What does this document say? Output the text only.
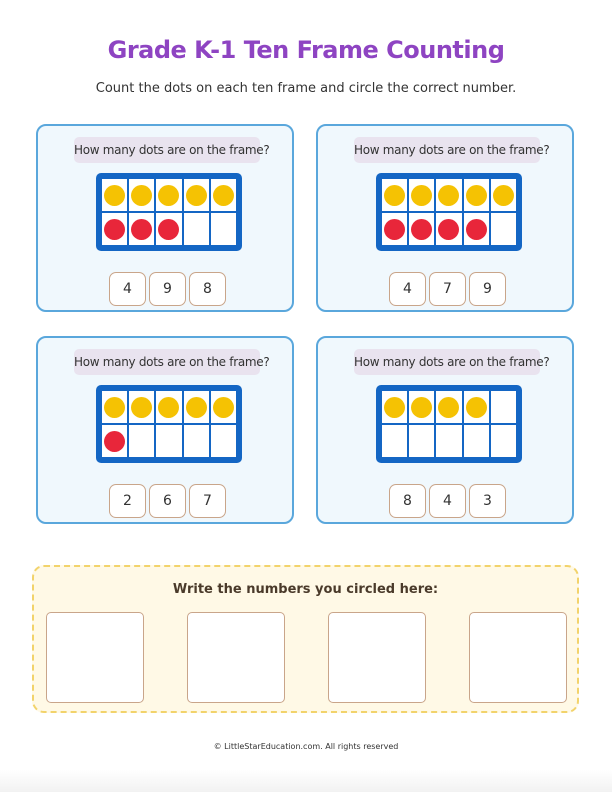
Grade K-1 Ten Frame Counting
Count the dots on each ten frame and circle the correct number.
How many dots are on the frame?
4	9	8
How many dots are on the frame?
4	7	9
How many dots are on the frame?
2	6	7
How many dots are on the frame?
8	4	3
Write the numbers you circled here:
© LittleStarEducation.com. All rights reserved
